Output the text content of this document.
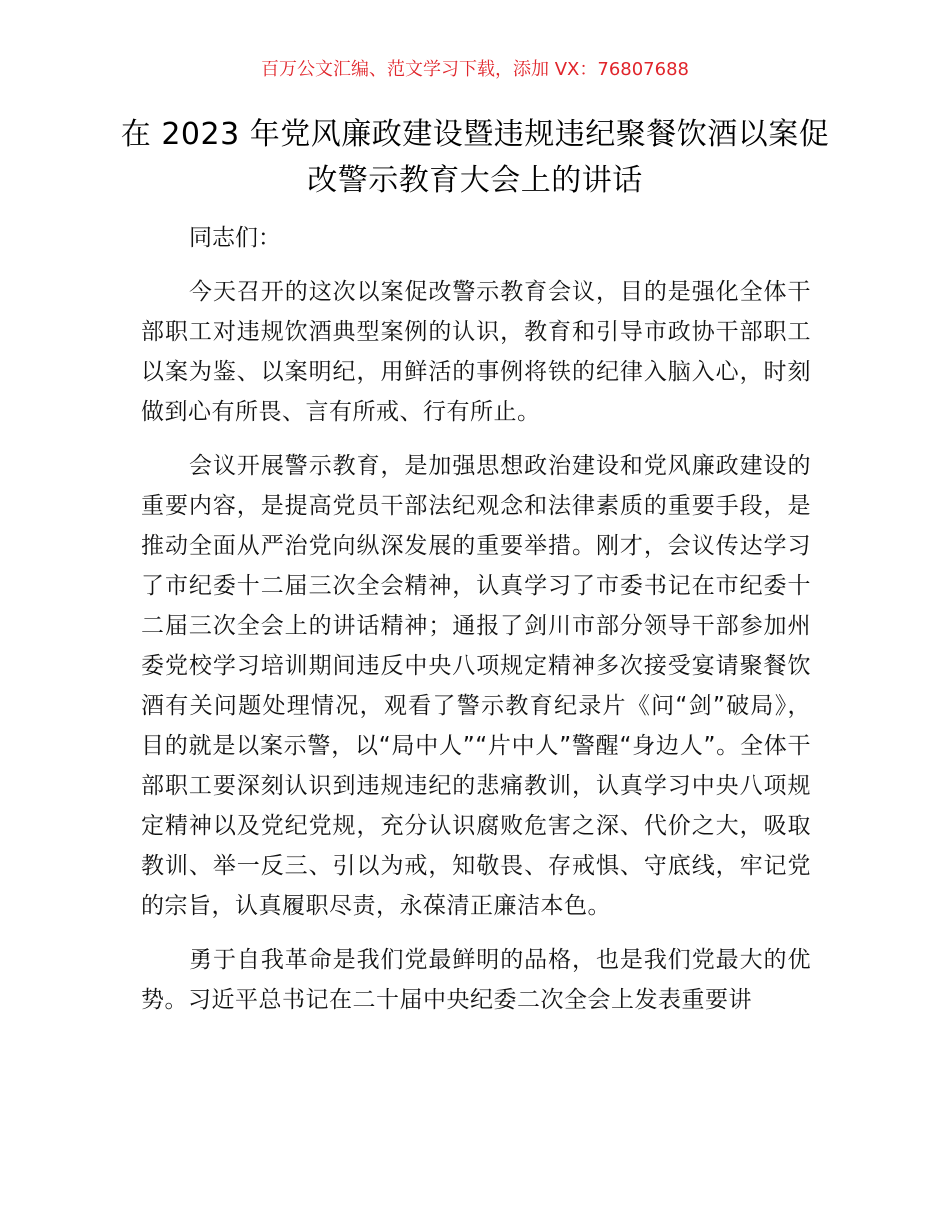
百万公文汇编、范文学习下载，添加 VX：76807688
在 2023 年党风廉政建设暨违规违纪聚餐饮酒以案促改警示教育大会上的讲话

同志们：

今天召开的这次以案促改警示教育会议，目的是强化全体干部职工对违规饮酒典型案例的认识，教育和引导市政协干部职工以案为鉴、以案明纪，用鲜活的事例将铁的纪律入脑入心，时刻做到心有所畏、言有所戒、行有所止。

会议开展警示教育，是加强思想政治建设和党风廉政建设的重要内容，是提高党员干部法纪观念和法律素质的重要手段，是推动全面从严治党向纵深发展的重要举措。刚才，会议传达学习了市纪委十二届三次全会精神，认真学习了市委书记在市纪委十二届三次全会上的讲话精神；通报了剑川市部分领导干部参加州委党校学习培训期间违反中央八项规定精神多次接受宴请聚餐饮酒有关问题处理情况，观看了警示教育纪录片《问“剑”破局》，目的就是以案示警，以“局中人”“片中人”警醒“身边人”。全体干部职工要深刻认识到违规违纪的悲痛教训，认真学习中央八项规定精神以及党纪党规，充分认识腐败危害之深、代价之大，吸取教训、举一反三、引以为戒，知敬畏、存戒惧、守底线，牢记党的宗旨，认真履职尽责，永葆清正廉洁本色。

勇于自我革命是我们党最鲜明的品格，也是我们党最大的优势。习近平总书记在二十届中央纪委二次全会上发表重要讲
